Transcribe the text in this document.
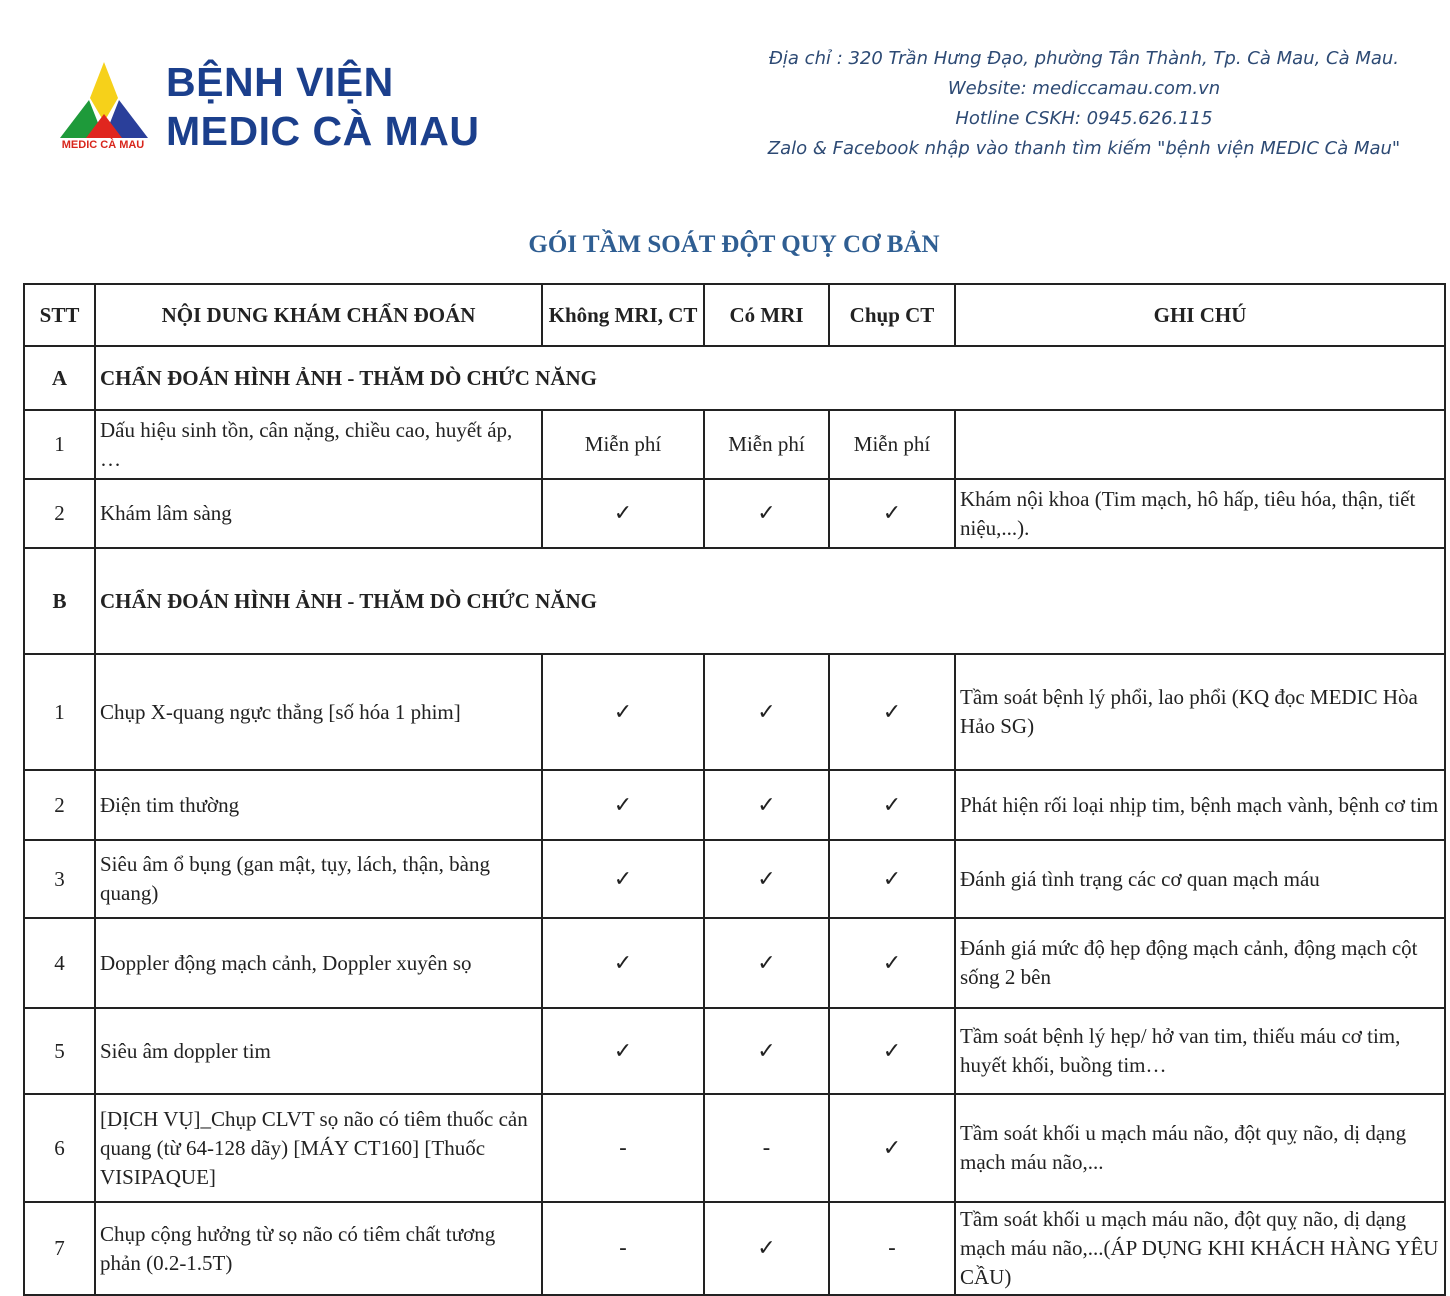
MEDIC CÀ MAU
BỆNH VIỆN
MEDIC CÀ MAU
Địa chỉ : 320 Trần Hưng Đạo, phường Tân Thành, Tp. Cà Mau, Cà Mau.
Website: mediccamau.com.vn
Hotline CSKH: 0945.626.115
Zalo & Facebook nhập vào thanh tìm kiếm "bệnh viện MEDIC Cà Mau"
GÓI TẦM SOÁT ĐỘT QUỴ CƠ BẢN
STT	NỘI DUNG KHÁM CHẨN ĐOÁN	Không MRI, CT	Có MRI	Chụp CT	GHI CHÚ
A	CHẨN ĐOÁN HÌNH ẢNH - THĂM DÒ CHỨC NĂNG				
1	Dấu hiệu sinh tồn, cân nặng, chiều cao, huyết áp, …	Miễn phí	Miễn phí	Miễn phí	
2	Khám lâm sàng	✓	✓	✓	Khám nội khoa (Tim mạch, hô hấp, tiêu hóa, thận, tiết niệu,...).
B	CHẨN ĐOÁN HÌNH ẢNH - THĂM DÒ CHỨC NĂNG				
1	Chụp X-quang ngực thẳng [số hóa 1 phim]	✓	✓	✓	Tầm soát bệnh lý phổi, lao phổi (KQ đọc MEDIC Hòa Hảo SG)
2	Điện tim thường	✓	✓	✓	Phát hiện rối loại nhịp tim, bệnh mạch vành, bệnh cơ tim
3	Siêu âm ổ bụng (gan mật, tụy, lách, thận, bàng quang)	✓	✓	✓	Đánh giá tình trạng các cơ quan mạch máu
4	Doppler động mạch cảnh, Doppler xuyên sọ	✓	✓	✓	Đánh giá mức độ hẹp động mạch cảnh, động mạch cột sống 2 bên
5	Siêu âm doppler tim	✓	✓	✓	Tầm soát bệnh lý hẹp/ hở van tim, thiếu máu cơ tim, huyết khối, buồng tim…
6	[DỊCH VỤ]_Chụp CLVT sọ não có tiêm thuốc cản quang (từ 64-128 dãy) [MÁY CT160] [Thuốc VISIPAQUE]	-	-	✓	Tầm soát khối u mạch máu não, đột quỵ não, dị dạng mạch máu não,...
7	Chụp cộng hưởng từ sọ não có tiêm chất tương phản (0.2-1.5T)	-	✓	-	Tầm soát khối u mạch máu não, đột quỵ não, dị dạng mạch máu não,...(ÁP DỤNG KHI KHÁCH HÀNG YÊU CẦU)
